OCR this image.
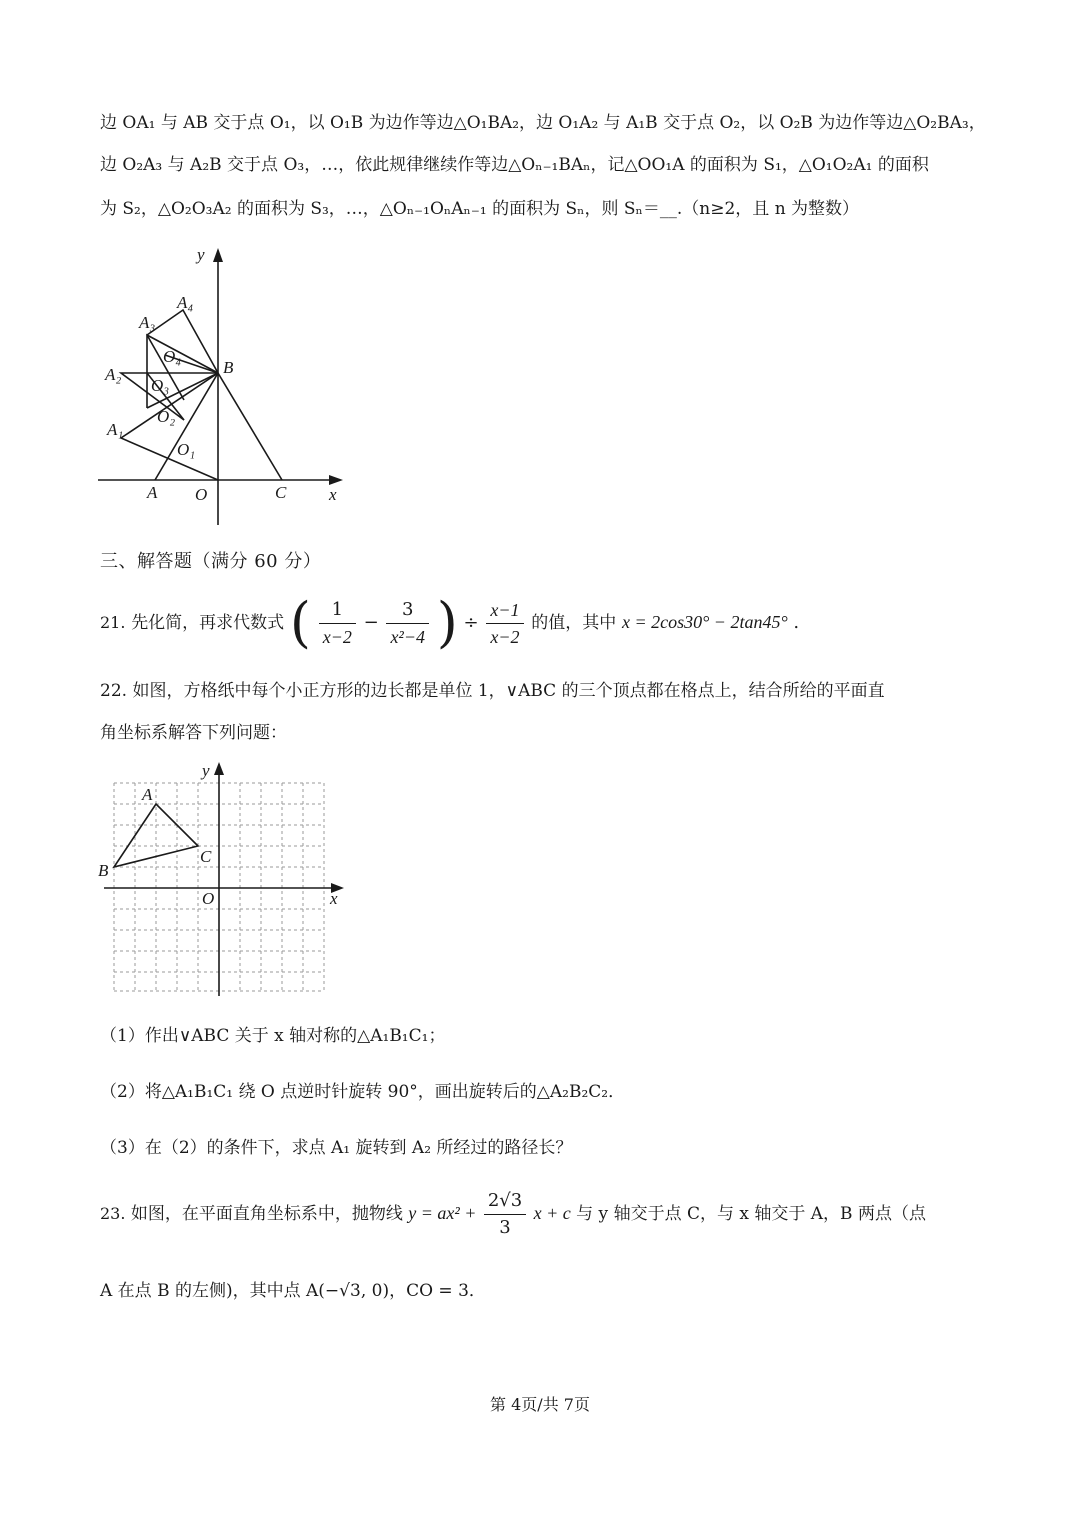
边 OA₁ 与 AB 交于点 O₁，以 O₁B 为边作等边△O₁BA₂，边 O₁A₂ 与 A₁B 交于点 O₂，以 O₂B 为边作等边△O₂BA₃，
边 O₂A₃ 与 A₂B 交于点 O₃，…，依此规律继续作等边△Oₙ₋₁BAₙ，记△OO₁A 的面积为 S₁，△O₁O₂A₁ 的面积
为 S₂，△O₂O₃A₂ 的面积为 S₃，…，△Oₙ₋₁OₙAₙ₋₁ 的面积为 Sₙ，则 Sₙ＝__.（n≥2，且 n 为整数）
y
x
A₄
A₃
A₂
A₁
O₄
O₃
O₂
O₁
B
A O	C
三、解答题（满分 60 分）
21. 先化简，再求代数式 ( $\frac{1}{x-2} - \frac{3}{\text{x²−4}}$ ) ÷ $\frac{x-1}{x-2}$ 的值，其中 x = 2cos30° − 2tan45° .
22. 如图，方格纸中每个小正方形的边长都是单位 1，∨ABC 的三个顶点都在格点上，结合所给的平面直
角坐标系解答下列问题：
y
x
A
B
C
O
（1）作出∨ABC 关于 x 轴对称的△A₁B₁C₁；
（2）将△A₁B₁C₁ 绕 O 点逆时针旋转 90°，画出旋转后的△A₂B₂C₂．
（3）在（2）的条件下，求点 A₁ 旋转到 A₂ 所经过的路径长？
23. 如图，在平面直角坐标系中，抛物线 $y = ax^2 + \frac{2√3}{3}$ x + c 与 y 轴交于点 C，与 x 轴交于 A，B 两点（点
A 在点 B 的左侧)，其中点 A(−√3, 0)，CO = 3．
第 4页/共 7页
